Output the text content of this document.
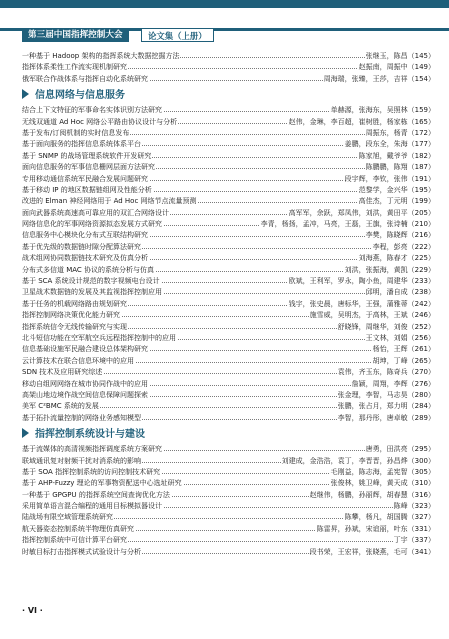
第三届中国指挥控制大会	论文集（上册）
一种基于 Hadoop 架构的指挥系统大数据挖掘方法	张继玉，陈昌（145）
指挥体系柔性工作流实现机制研究	赵振南，周振中（149）
俄军联合作战体系与指挥自动化系统研究	周海瑞，张臻，王莎，吉祥（154）
信息网络与信息服务
结合上下文特征的军事命名实体识别方法研究	单赫源，张海东，吴照林（159）
无线双通道 Ad Hoc 网络公平路由协议设计与分析	赵伟，金琳，李百超，崔树胜，杨家栋（165）
基于发布/订阅机制的实时信息发布	周振东，杨青（172）
基于面向服务的指挥信息系统体系平台	姜鹏，段东全，朱海（177）
基于 SNMP 的战场管理系统软件开发研究	陈家旭，戴爷爷（182）
面向信息服务的军事信息栅网层面方法研究	陈鹏鹏，陈翔（187）
专用移动通信系统军民融合发展问题研究	段宇辉，李钦，张伟（191）
基于移动 IP 的地区数据链组网及性能分析	范黎学，金兴华（195）
改进的 Elman 神经网络用于 Ad Hoc 网络节点流量预测	高佳杰，丁元明（199）
面向武器系统高速高可靠应用的双汇合网络设计	高军军，余跃，郑凤伟，刘洪，黄田平（205）
网络信息化的军事网络资源拟态发展方式研究	李青，杨扬，孟冲，马亮，王磊，王旗，张诗楠（210）
信息服务中心模块化分布式互联结构研究	李樊，陈晓辉（216）
基于优先级的数据链时隙分配算法研究	李程，彭亮（222）
战术组网协同数据链技术研究及仿真分析	刘海燕，陈春才（225）
分布式多信道 MAC 协议的系统分析与仿真	刘洪，张振海，黄凯（229）
基于 SCA 系统设计规范的数字视频电台设计	欧斌，王利军，罗永，陶小鱼，周建华（233）
卫星战术数据链的发展及其监视指挥控制应用	邱明，潘自成（238）
基于任务的机载网络路由规划研究	钱宇，张史晨，唐标华，王强，蒲雅蒂（242）
指挥控制网络决策优化能力研究	施雪威，吴明杰，于高林，王斌（246）
指挥系统信令无线传输研究与实现	舒晓锋，周继华，刘俊（252）
北斗短信功能在空军航空兵远程指挥控制中的应用	王文林，刘娟（256）
信息基础设施军民融合建设总体架构研究	杨怡，王辉（261）
云计算技术在联合信息环境中的应用	胡坤，丁峰（265）
SDN 技术及应用研究综述	袁伟，齐玉东，陈奇兵（270）
移动自组网网络在城市协同作战中的应用	詹颖，周翔，李辉（276）
高架山地边境作战空间信息保障问题探索	张金理，李智，马志昊（280）
美军 C²BMC 系统的发展	张鹏，张占月，郑力明（284）
基于拓扑流量控制的网络业务感知模型	李智，那丹彤，唐卓敏（289）
指挥控制系统设计与建设
基于流媒体的高清视频指挥调度系统方案研究	唐勇，田洪亮（295）
联域通讯复对射频干扰对消系统的影响	刘建成，金浩浩，袁丁，李晋晋，孙昌烨（300）
基于 SOA 指挥控制系统的访问控制技术研究	毛刚益，陈志海，孟宪智（305）
基于 AHP-Fuzzy 理论的军事物资配送中心选址研究	张俊林，姚卫峰，黄天成（310）
一种基于 GPGPU 的指挥系统空间查询优化方法	赵继伟，杨鹏，孙丽辉，胡春慧（316）
采用简单语言混合编程的通用目标模拟器设计	陈峰（323）
陆战场有限空域管理系统研究	陈攀，杨凡，胡国腾（327）
航天器姿态控制系统半物理仿真研究	陈雷昇，孙斌，宋谊丽，叶东（331）
指挥控制系统中可信计算平台研究	丁宇（337）
时敏目标打击指挥模式试验设计与分析	段书荣，王宏祥，张晓燕，毛可（341）
· VI ·
